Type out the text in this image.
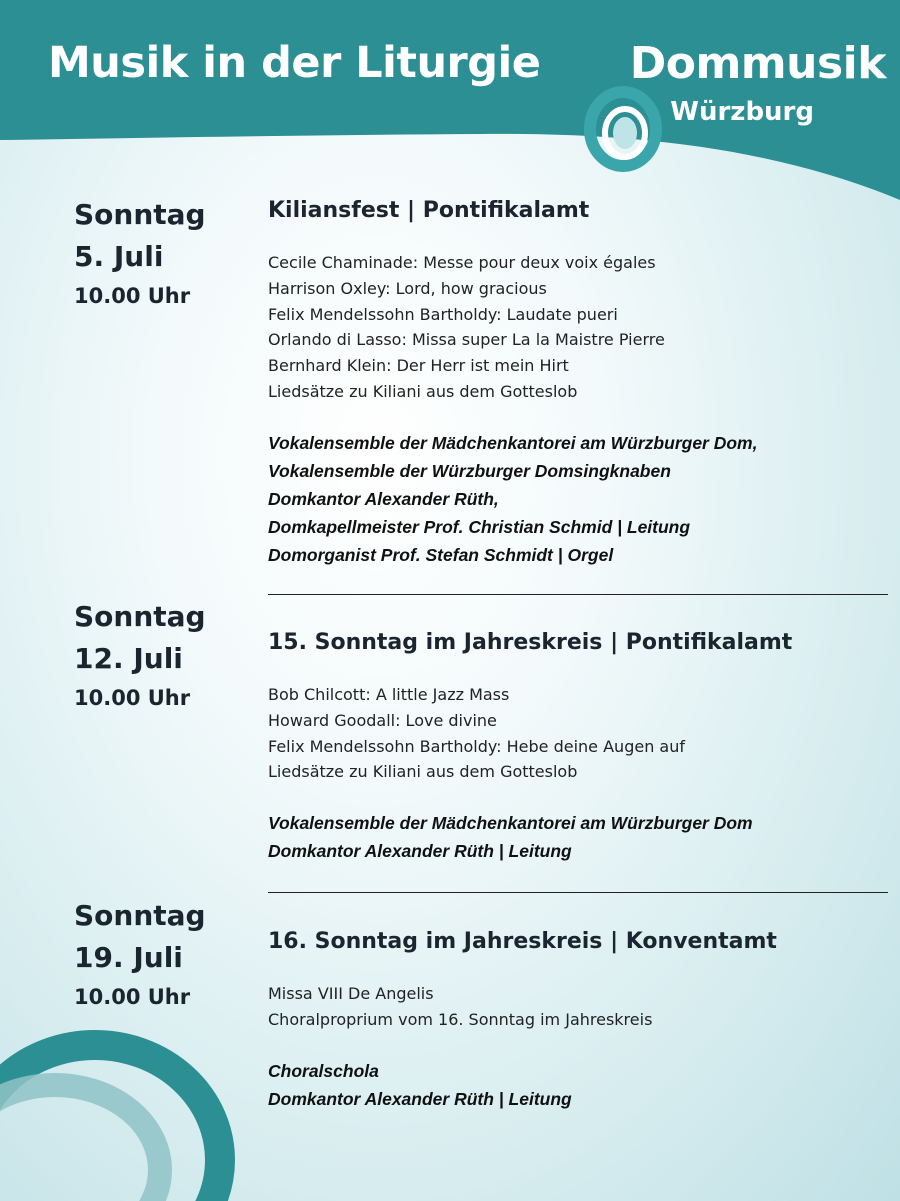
Musik in der Liturgie Dommusik
Würzburg
Sonntag
5. Juli
10.00 Uhr
Kiliansfest | Pontifikalamt
Cecile Chaminade: Messe pour deux voix égales
Harrison Oxley: Lord, how gracious
Felix Mendelssohn Bartholdy: Laudate pueri
Orlando di Lasso: Missa super La la Maistre Pierre
Bernhard Klein: Der Herr ist mein Hirt
Liedsätze zu Kiliani aus dem Gotteslob
Vokalensemble der Mädchenkantorei am Würzburger Dom,
Vokalensemble der Würzburger Domsingknaben
Domkantor Alexander Rüth,
Domkapellmeister Prof. Christian Schmid | Leitung
Domorganist Prof. Stefan Schmidt | Orgel
Sonntag
12. Juli
10.00 Uhr
15. Sonntag im Jahreskreis | Pontifikalamt
Bob Chilcott: A little Jazz Mass
Howard Goodall: Love divine
Felix Mendelssohn Bartholdy: Hebe deine Augen auf
Liedsätze zu Kiliani aus dem Gotteslob
Vokalensemble der Mädchenkantorei am Würzburger Dom
Domkantor Alexander Rüth | Leitung
Sonntag
19. Juli
10.00 Uhr
16. Sonntag im Jahreskreis | Konventamt
Missa VIII De Angelis
Choralproprium vom 16. Sonntag im Jahreskreis
Choralschola
Domkantor Alexander Rüth | Leitung
